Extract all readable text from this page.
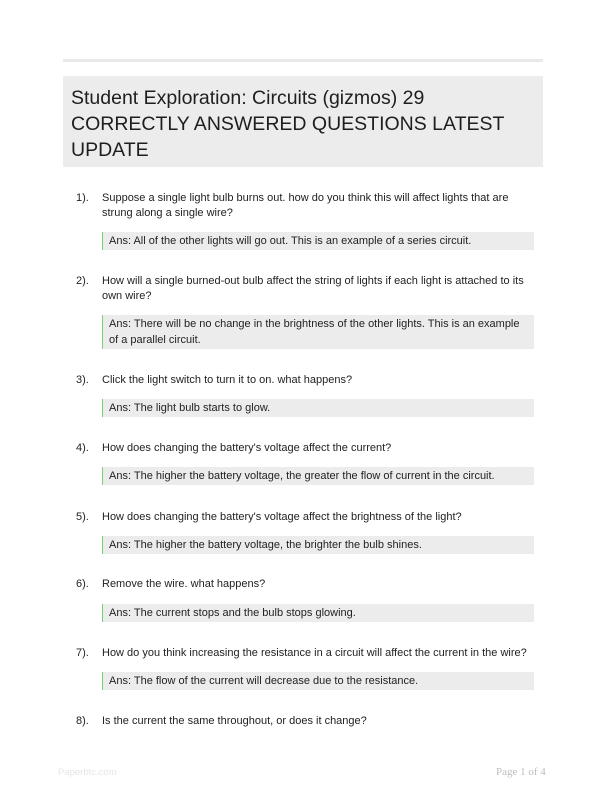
Student Exploration: Circuits (gizmos) 29 CORRECTLY ANSWERED QUESTIONS LATEST UPDATE
1). Suppose a single light bulb burns out. how do you think this will affect lights that are strung along a single wire?
Ans: All of the other lights will go out. This is an example of a series circuit.
2). How will a single burned-out bulb affect the string of lights if each light is attached to its own wire?
Ans: There will be no change in the brightness of the other lights. This is an example of a parallel circuit.
3). Click the light switch to turn it to on. what happens?
Ans: The light bulb starts to glow.
4). How does changing the battery's voltage affect the current?
Ans: The higher the battery voltage, the greater the flow of current in the circuit.
5). How does changing the battery's voltage affect the brightness of the light?
Ans: The higher the battery voltage, the brighter the bulb shines.
6). Remove the wire. what happens?
Ans: The current stops and the bulb stops glowing.
7). How do you think increasing the resistance in a circuit will affect the current in the wire?
Ans: The flow of the current will decrease due to the resistance.
8). Is the current the same throughout, or does it change?
Paperbtc.com	Page 1 of 4
